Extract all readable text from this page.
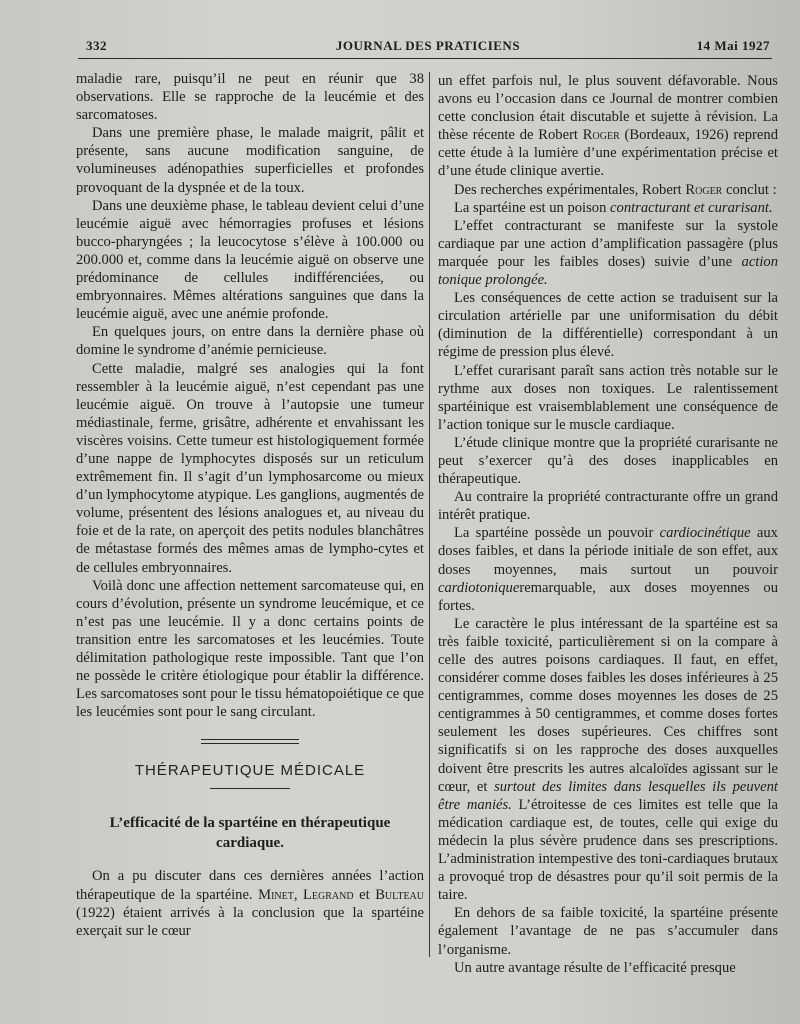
332	JOURNAL DES PRATICIENS	14 Mai 1927

maladie rare, puisqu’il ne peut en réunir que 38 observations. Elle se rapproche de la leucémie et des sarcomatoses.

Dans une première phase, le malade maigrit, pâlit et présente, sans aucune modification sanguine, de volumineuses adénopathies superficielles et profondes provoquant de la dyspnée et de la toux.

Dans une deuxième phase, le tableau devient celui d’une leucémie aiguë avec hémorragies profuses et lésions bucco-pharyngées ; la leucocytose s’élève à 100.000 ou 200.000 et, comme dans la leucémie aiguë on observe une prédominance de cellules indifférenciées, ou embryonnaires. Mêmes altérations sanguines que dans la leucémie aiguë, avec une anémie profonde.

En quelques jours, on entre dans la dernière phase où domine le syndrome d’anémie pernicieuse.

Cette maladie, malgré ses analogies qui la font ressembler à la leucémie aiguë, n’est cependant pas une leucémie aiguë. On trouve à l’autopsie une tumeur médiastinale, ferme, grisâtre, adhérente et envahissant les viscères voisins. Cette tumeur est histologiquement formée d’une nappe de lymphocytes disposés sur un reticulum extrêmement fin. Il s’agit d’un lymphosarcome ou mieux d’un lymphocytome atypique. Les ganglions, augmentés de volume, présentent des lésions analogues et, au niveau du foie et de la rate, on aperçoit des petits nodules blanchâtres de métastase formés des mêmes amas de lympho-cytes et de cellules embryonnaires.

Voilà donc une affection nettement sarcomateuse qui, en cours d’évolution, présente un syndrome leucémique, et ce n’est pas une leucémie. Il y a donc certains points de transition entre les sarcomatoses et les leucémies. Toute délimitation pathologique reste impossible. Tant que l’on ne possède le critère étiologique pour établir la différence. Les sarcomatoses sont pour le tissu hématopoiétique ce que les leucémies sont pour le sang circulant.

THÉRAPEUTIQUE MÉDICALE
L’efficacité de la spartéine en thérapeutique cardiaque.

On a pu discuter dans ces dernières années l’action thérapeutique de la spartéine. Minet, Legrand et Bulteau (1922) étaient arrivés à la conclusion que la spartéine exerçait sur le cœur

un effet parfois nul, le plus souvent défavorable. Nous avons eu l’occasion dans ce Journal de montrer combien cette conclusion était discutable et sujette à révision. La thèse récente de Robert Roger (Bordeaux, 1926) reprend cette étude à la lumière d’une expérimentation précise et d’une étude clinique avertie.

Des recherches expérimentales, Robert Roger conclut :

La spartéine est un poison contracturant et curarisant.

L’effet contracturant se manifeste sur la systole cardiaque par une action d’amplification passagère (plus marquée pour les faibles doses) suivie d’une action tonique prolongée.

Les conséquences de cette action se traduisent sur la circulation artérielle par une uniformisation du débit (diminution de la différentielle) correspondant à un régime de pression plus élevé.

L’effet curarisant paraît sans action très notable sur le rythme aux doses non toxiques. Le ralentissement spartéinique est vraisemblablement une conséquence de l’action tonique sur le muscle cardiaque.

L’étude clinique montre que la propriété curarisante ne peut s’exercer qu’à des doses inapplicables en thérapeutique.

Au contraire la propriété contracturante offre un grand intérêt pratique.

La spartéine possède un pouvoir cardiocinétique aux doses faibles, et dans la période initiale de son effet, aux doses moyennes, mais surtout un pouvoir cardiotoniqueremarquable, aux doses moyennes ou fortes.

Le caractère le plus intéressant de la spartéine est sa très faible toxicité, particulièrement si on la compare à celle des autres poisons cardiaques. Il faut, en effet, considérer comme doses faibles les doses inférieures à 25 centigrammes, comme doses moyennes les doses de 25 centigrammes à 50 centigrammes, et comme doses fortes seulement les doses supérieures. Ces chiffres sont significatifs si on les rapproche des doses auxquelles doivent être prescrits les autres alcaloïdes agissant sur le cœur, et surtout des limites dans lesquelles ils peuvent être maniés. L’étroitesse de ces limites est telle que la médication cardiaque est, de toutes, celle qui exige du médecin la plus sévère prudence dans ses prescriptions. L’administration intempestive des toni-cardiaques brutaux a provoqué trop de désastres pour qu’il soit permis de la taire.

En dehors de sa faible toxicité, la spartéine présente également l’avantage de ne pas s’accumuler dans l’organisme.

Un autre avantage résulte de l’efficacité presque
